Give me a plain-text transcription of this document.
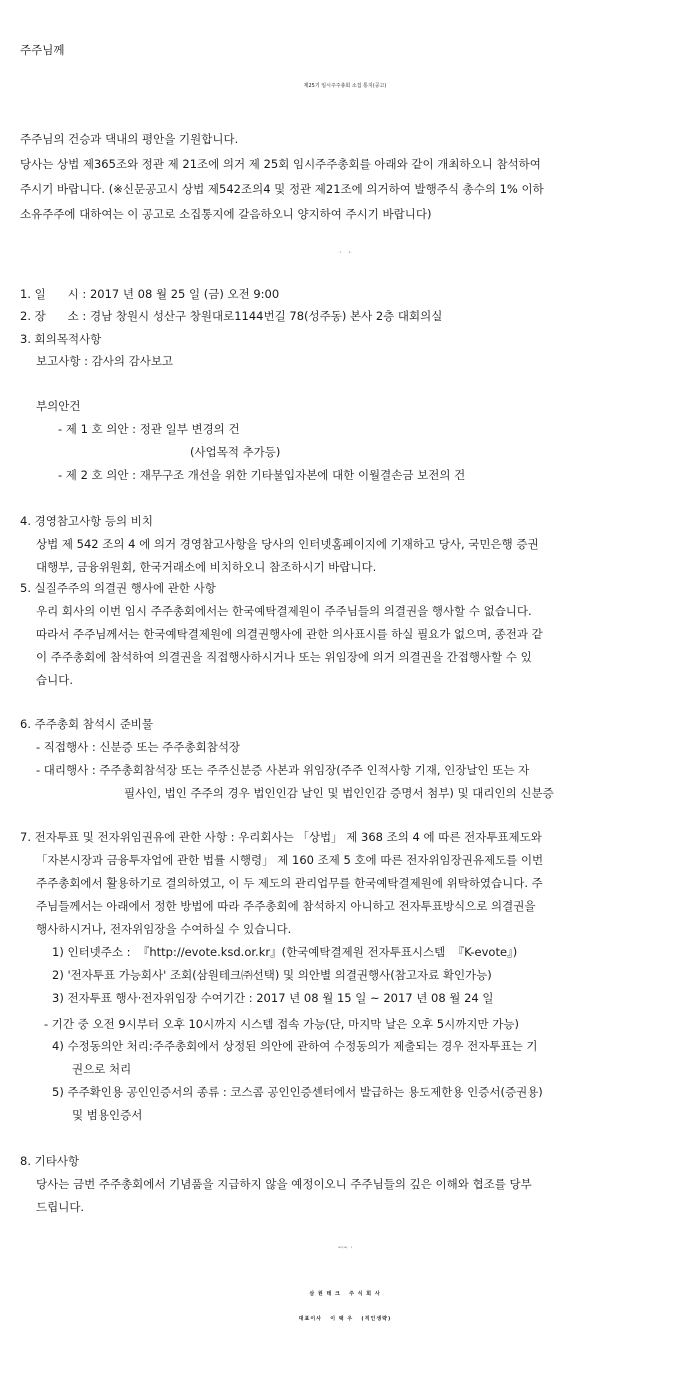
주주님께
제25기 임시주주총회 소집 통지(공고)
주주님의 건승과 댁내의 평안을 기원합니다.
당사는 상법 제365조와 정관 제 21조에 의거 제 25회 임시주주총회를 아래와 같이 개최하오니 참석하여
주시기 바랍니다. (※신문공고시 상법 제542조의4 및 정관 제21조에 의거하여 발행주식 총수의 1% 이하
소유주주에 대하여는 이 공고로 소집통지에 갈음하오니 양지하여 주시기 바랍니다)
-   아                래   -
1. 일      시 : 2017 년 08 월 25 일 (금) 오전 9:00
2. 장      소 : 경남 창원시 성산구 창원대로1144번길 78(성주동) 본사 2층 대회의실
3. 회의목적사항
보고사항 : 감사의 감사보고
부의안건
- 제 1 호 의안 : 정관 일부 변경의 건
(사업목적 추가등)
- 제 2 호 의안 : 재무구조 개선을 위한 기타불입자본에 대한 이월결손금 보전의 건
4. 경영참고사항 등의 비치
상법 제 542 조의 4 에 의거 경영참고사항을 당사의 인터넷홈페이지에 기재하고 당사, 국민은행 증권
대행부, 금융위원회, 한국거래소에 비치하오니 참조하시기 바랍니다.
5. 실질주주의 의결권 행사에 관한 사항
우리 회사의 이번 임시 주주총회에서는 한국예탁결제원이 주주님들의 의결권을 행사할 수 없습니다.
따라서 주주님께서는 한국예탁결제원에 의결권행사에 관한 의사표시를 하실 필요가 없으며, 종전과 같
이 주주총회에 참석하여 의결권을 직접행사하시거나 또는 위임장에 의거 의결권을 간접행사할 수 있
습니다.
6. 주주총회 참석시 준비물
- 직접행사 : 신분증 또는 주주총회참석장
- 대리행사 : 주주총회참석장 또는 주주신분증 사본과 위임장(주주 인적사항 기재, 인장날인 또는 자
필사인, 법인 주주의 경우 법인인감 날인 및 법인인감 증명서 첨부) 및 대리인의 신분증
7. 전자투표 및 전자위임권유에 관한 사항 : 우리회사는 「상법」 제 368 조의 4 에 따른 전자투표제도와
「자본시장과 금융투자업에 관한 법률 시행령」 제 160 조제 5 호에 따른 전자위임장권유제도를 이번
주주총회에서 활용하기로 결의하였고, 이 두 제도의 관리업무를 한국예탁결제원에 위탁하였습니다. 주
주님들께서는 아래에서 정한 방법에 따라 주주총회에 참석하지 아니하고 전자투표방식으로 의결권을
행사하시거나, 전자위임장을 수여하실 수 있습니다.
1) 인터넷주소 :  『http://evote.ksd.or.kr』(한국예탁결제원 전자투표시스템  『K-evote』)
2) '전자투표 가능회사' 조회(삼원테크㈜선택) 및 의안별 의결권행사(참고자료 확인가능)
3) 전자투표 행사·전자위임장 수여기간 : 2017 년 08 월 15 일 ~ 2017 년 08 월 24 일
- 기간 중 오전 9시부터 오후 10시까지 시스템 접속 가능(단, 마지막 날은 오후 5시까지만 가능)
4) 수정동의안 처리:주주총회에서 상정된 의안에 관하여 수정동의가 제출되는 경우 전자투표는 기
권으로 처리
5) 주주확인용 공인인증서의 종류 : 코스콤 공인인증센터에서 발급하는 용도제한용 인증서(증권용)
및 범용인증서
8. 기타사항
당사는 금번 주주총회에서 기념품을 지급하지 않을 예정이오니 주주님들의 깊은 이해와 협조를 당부
드립니다.
2017년  08월      일
삼 원 테 크   주 식 회 사
대표이사   이 택 우   (직인생략)
